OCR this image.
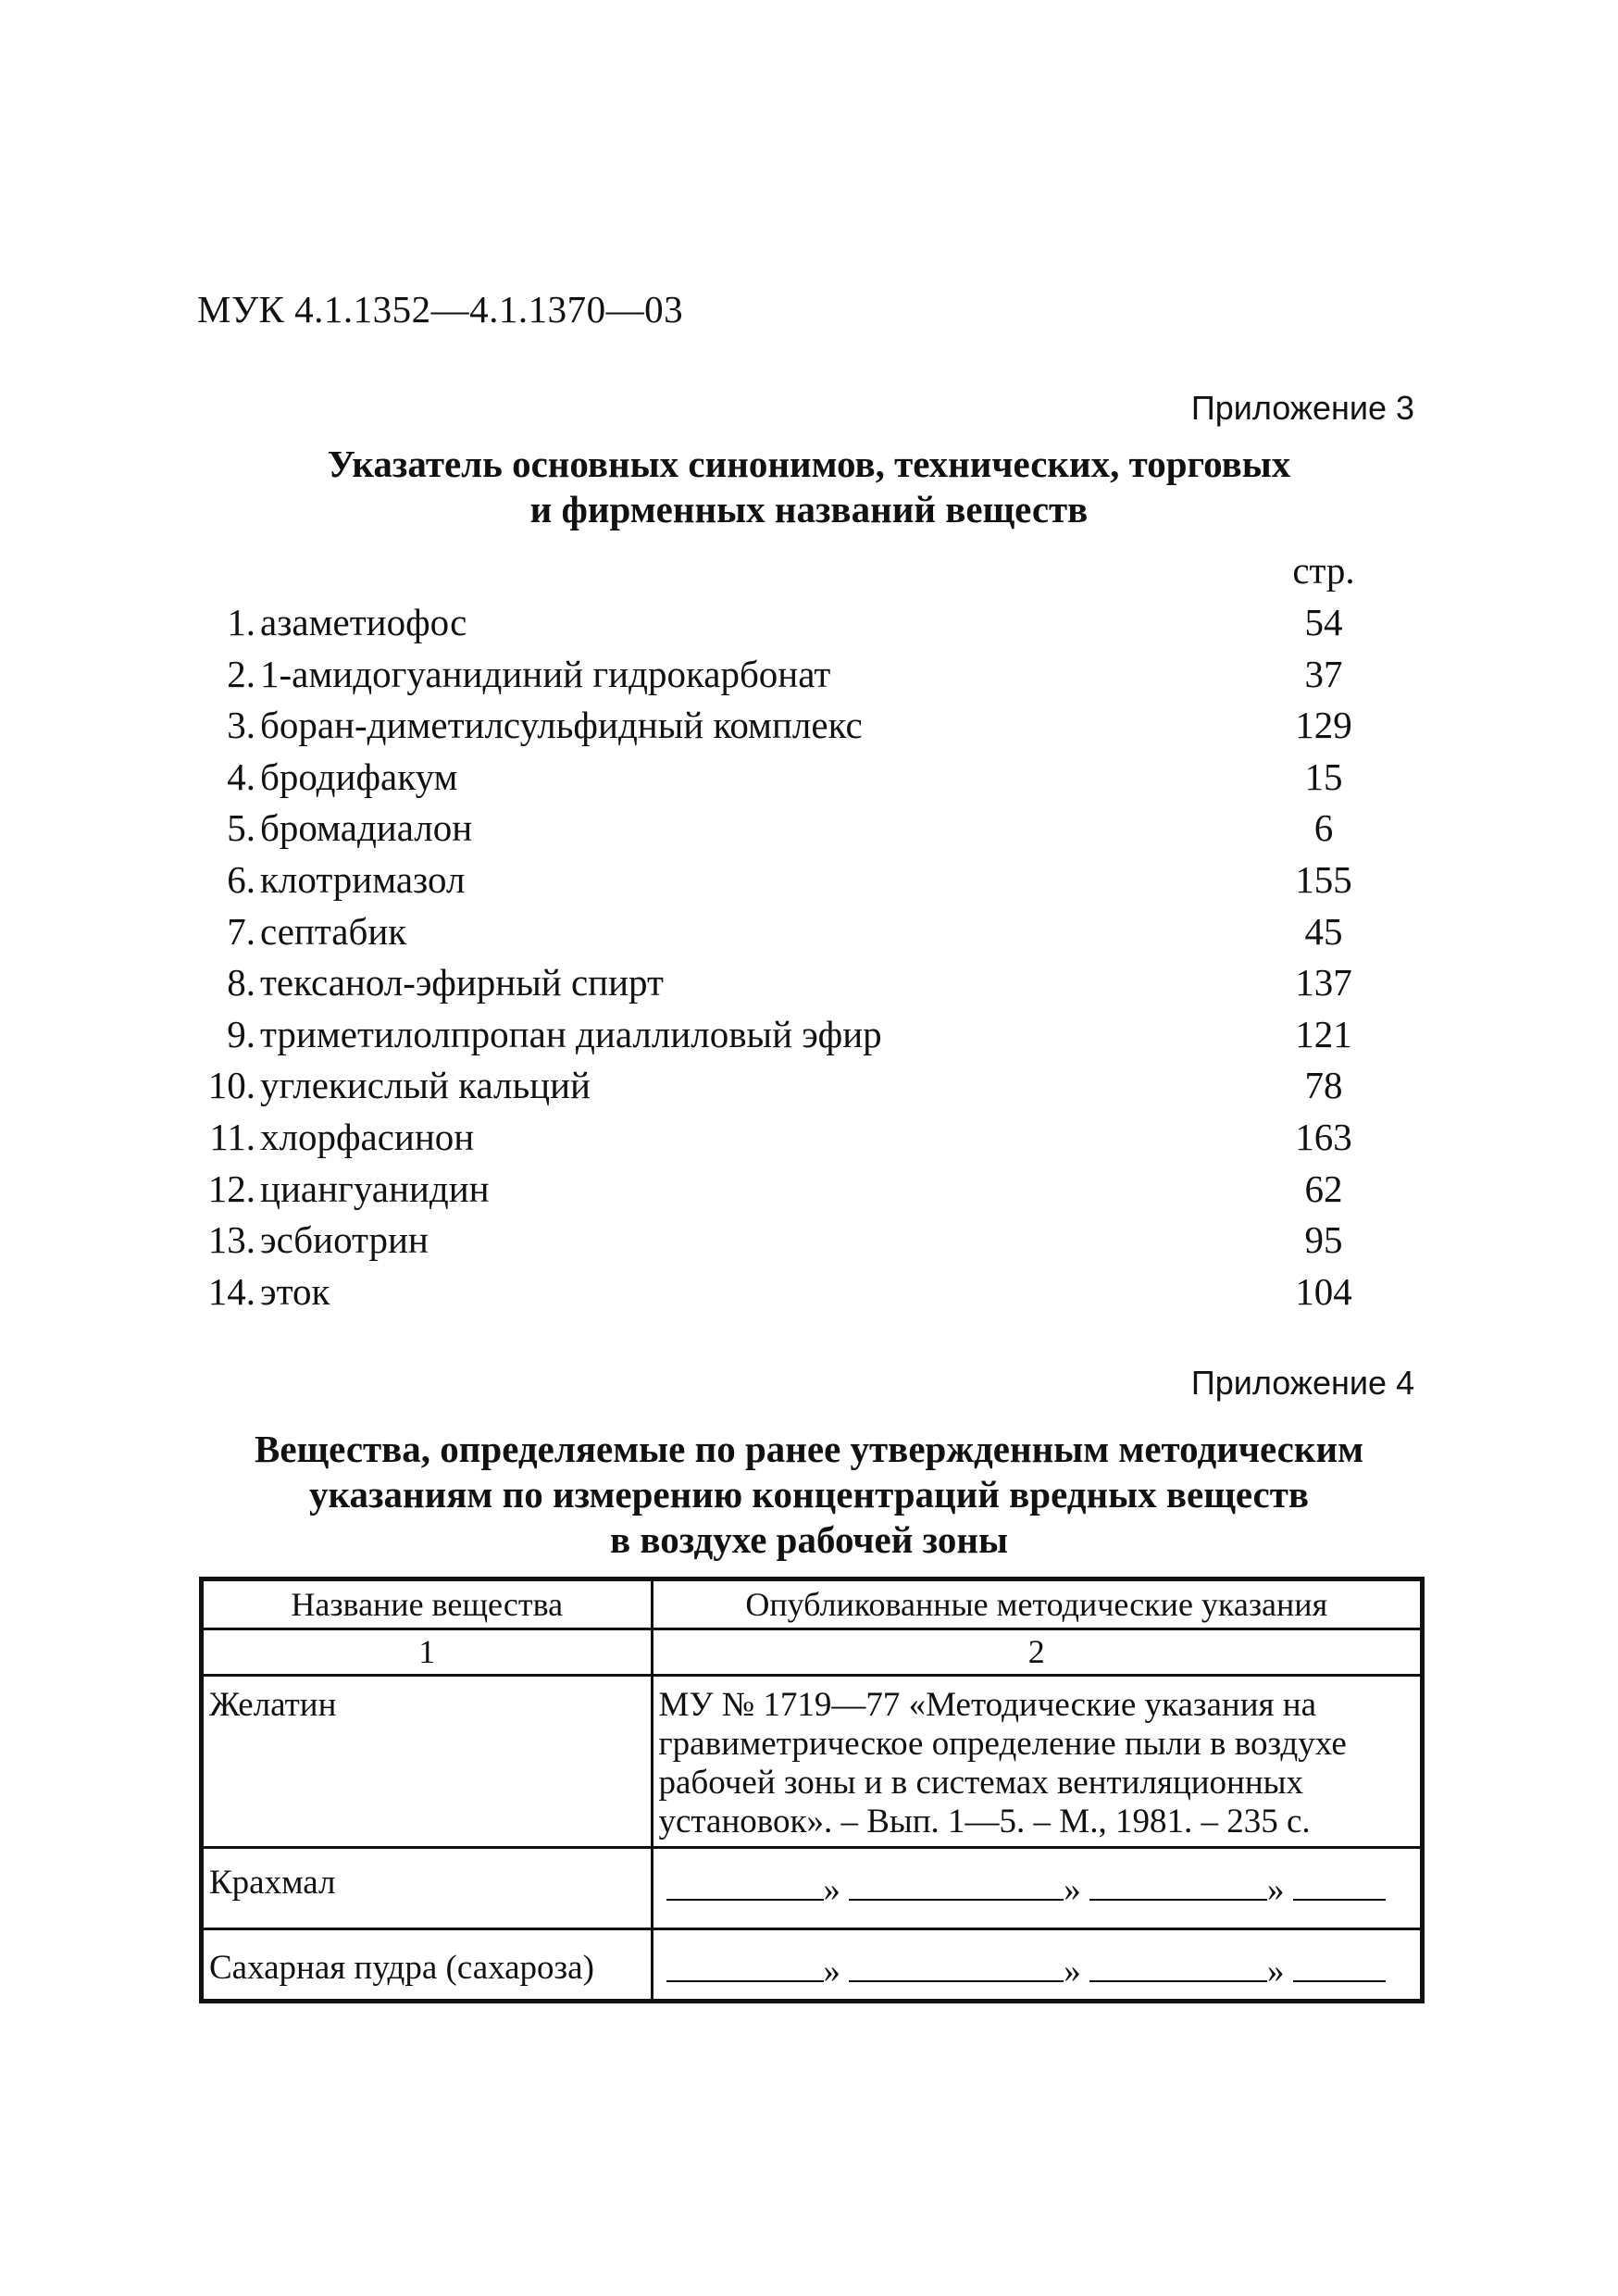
МУК 4.1.1352—4.1.1370—03
Приложение 3
Указатель основных синонимов, технических, торговых
и фирменных названий веществ
стр.
1. азаметиофос	54
2. 1-амидогуанидиний гидрокарбонат	37
3. боран-диметилсульфидный комплекс	129
4. бродифакум	15
5. бромадиалон	6
6. клотримазол	155
7. септабик	45
8. тексанол-эфирный спирт	137
9. триметилолпропан диаллиловый эфир	121
10. углекислый кальций	78
11. хлорфасинон	163
12. циангуанидин	62
13. эсбиотрин	95
14. эток	104
Приложение 4
Вещества, определяемые по ранее утвержденным методическим
указаниям по измерению концентраций вредных веществ
в воздухе рабочей зоны
Название вещества	Опубликованные методические указания
1	2

Желатин	МУ № 1719—77 «Методические указания на
гравиметрическое определение пыли в воздухе
рабочей зоны и в системах вентиляционных
установок». – Вып. 1—5. – М., 1981. – 235 с.

Крахмал	» » »

Сахарная пудра (сахароза)	» » »
